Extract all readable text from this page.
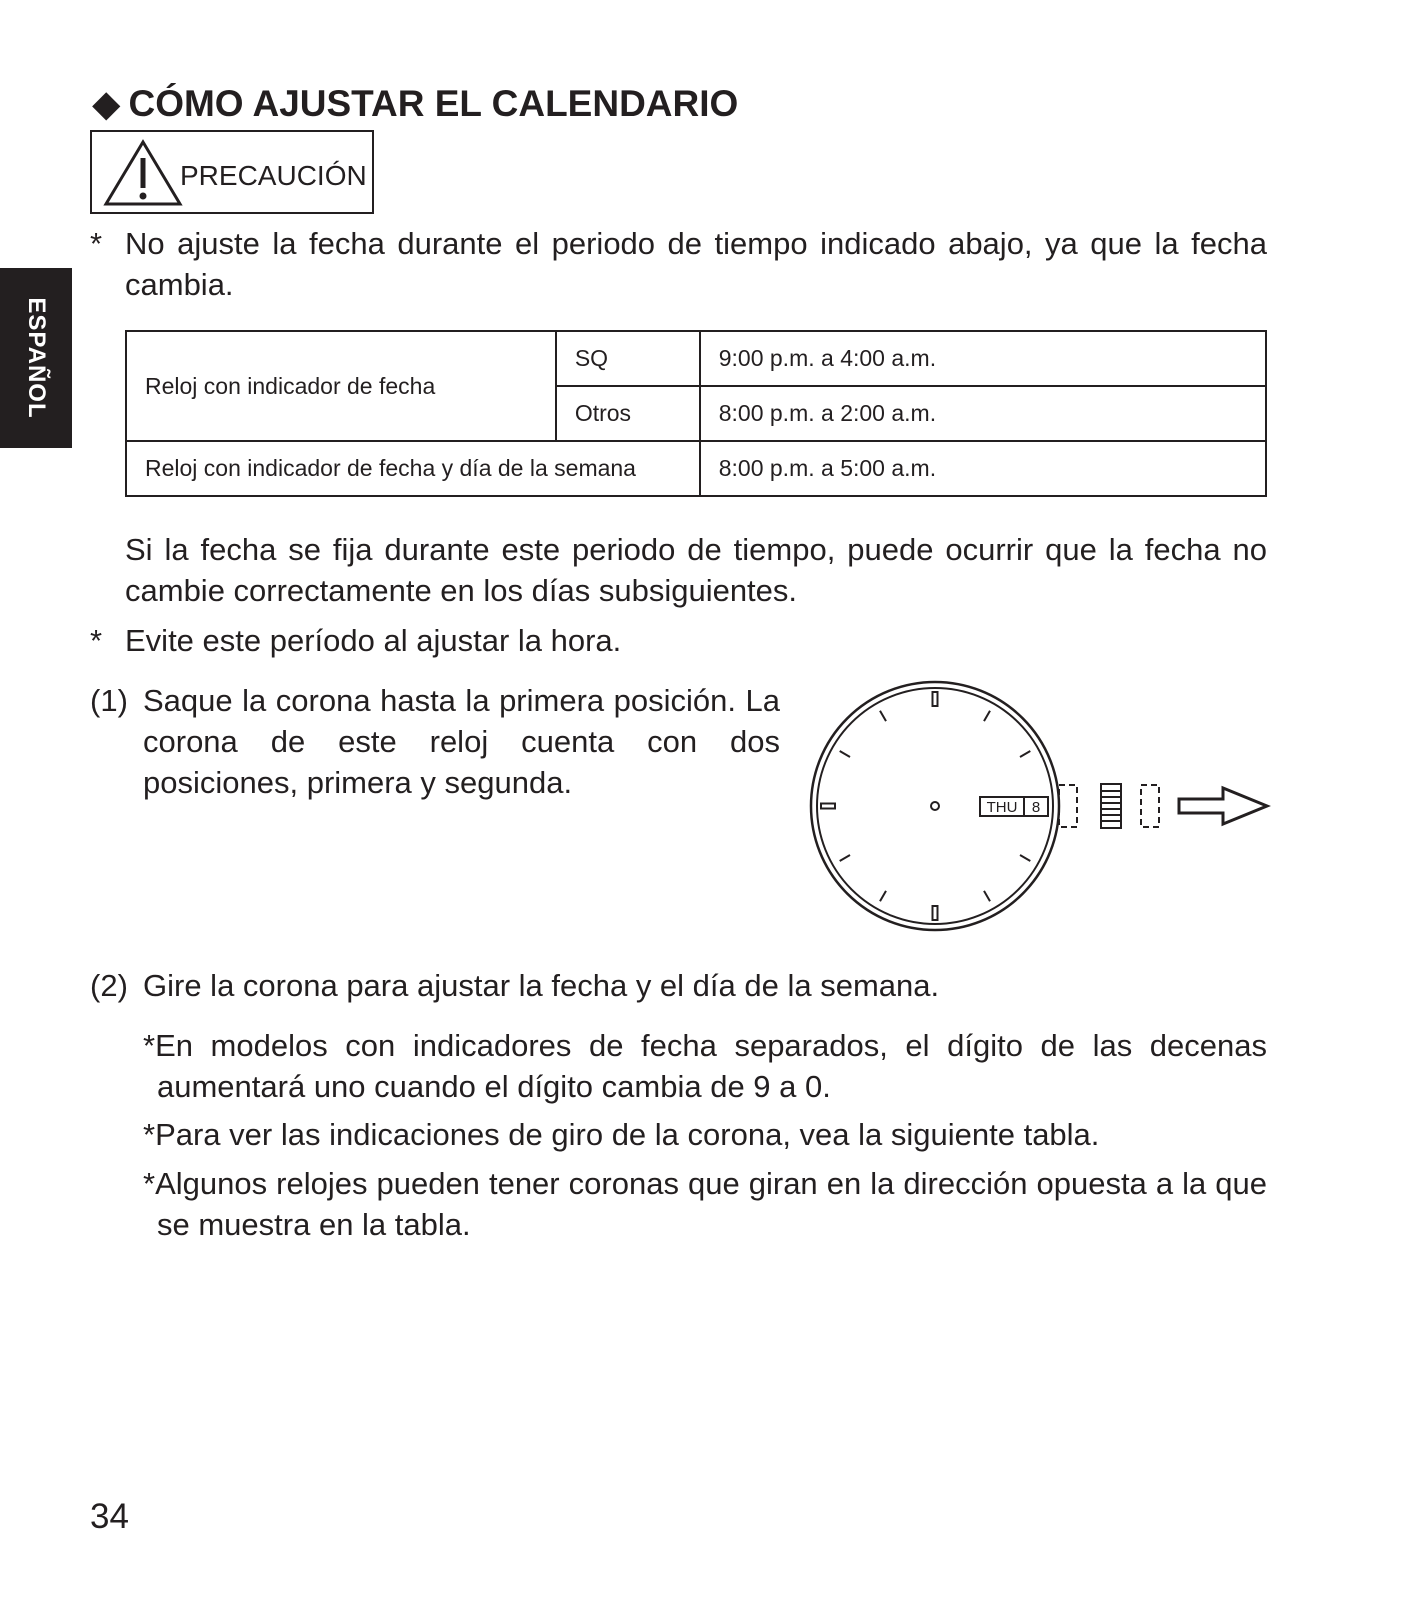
ESPAÑOL
◆ CÓMO AJUSTAR EL CALENDARIO
PRECAUCIÓN
* No ajuste la fecha durante el periodo de tiempo indicado abajo, ya que la fecha cambia.
Reloj con indicador de fecha	SQ	9:00 p.m. a 4:00 a.m.
	Otros	8:00 p.m. a 2:00 a.m.
Reloj con indicador de fecha y día de la semana		8:00 p.m. a 5:00 a.m.
Si la fecha se fija durante este periodo de tiempo, puede ocurrir que la fecha no cambie correctamente en los días subsiguientes.
* Evite este período al ajustar la hora.
(1) Saque la corona hasta la primera posición. La corona de este reloj cuenta con dos posiciones, primera y segunda.
THU 8
(2) Gire la corona para ajustar la fecha y el día de la semana.
*En modelos con indicadores de fecha separados, el dígito de las decenas aumentará uno cuando el dígito cambia de 9 a 0.
*Para ver las indicaciones de giro de la corona, vea la siguiente tabla.
*Algunos relojes pueden tener coronas que giran en la dirección opuesta a la que se muestra en la tabla.
34
